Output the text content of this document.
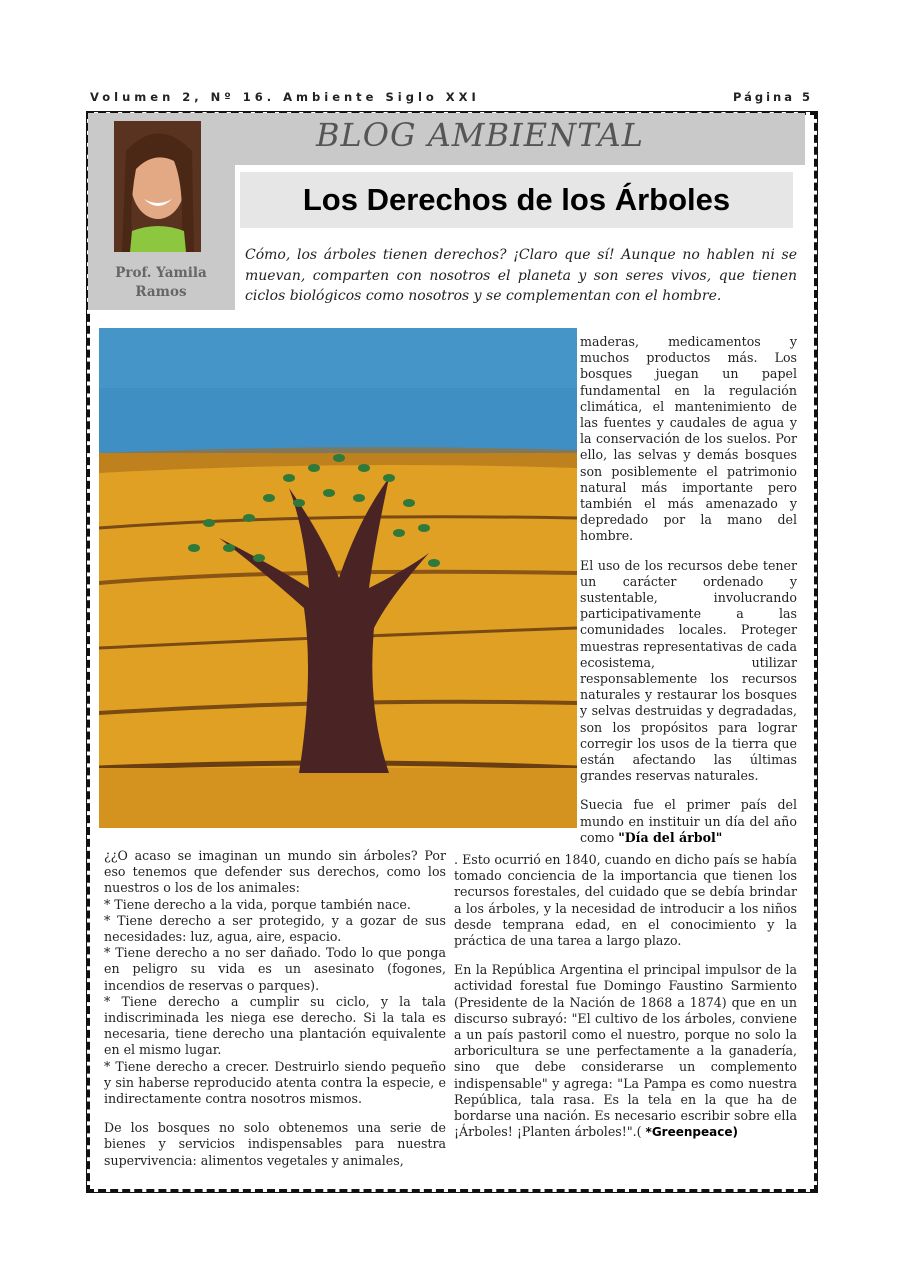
Volumen 2, Nº 16. Ambiente Siglo XXI	Página 5
BLOG AMBIENTAL
Prof. Yamila Ramos
Los Derechos de los Árboles
Cómo, los árboles tienen derechos? ¡Claro que sí! Aunque no hablen ni se muevan, comparten con nosotros el planeta y son seres vivos, que tienen ciclos biológicos como nosotros y se complementan con el hombre.

maderas, medicamentos y muchos productos más. Los bosques juegan un papel fundamental en la regulación climática, el mantenimiento de las fuentes y caudales de agua y la conservación de los suelos. Por ello, las selvas y demás bosques son posiblemente el patrimonio natural más importante pero también el más amenazado y depredado por la mano del hombre.

El uso de los recursos debe tener un carácter ordenado y sustentable, involucrando participativamente a las comunidades locales. Proteger muestras representativas de cada ecosistema, utilizar responsablemente los recursos naturales y restaurar los bosques y selvas destruidas y degradadas, son los propósitos para lograr corregir los usos de la tierra que están afectando las últimas grandes reservas naturales.

Suecia fue el primer país del mundo en instituir un día del año como "Día del árbol"

¿¿O acaso se imaginan un mundo sin árboles? Por eso tenemos que defender sus derechos, como los nuestros o los de los animales:
* Tiene derecho a la vida, porque también nace.
* Tiene derecho a ser protegido, y a gozar de sus necesidades: luz, agua, aire, espacio.
* Tiene derecho a no ser dañado. Todo lo que ponga en peligro su vida es un asesinato (fogones, incendios de reservas o parques).
* Tiene derecho a cumplir su ciclo, y la tala indiscriminada les niega ese derecho. Si la tala es necesaria, tiene derecho una plantación equivalente en el mismo lugar.
* Tiene derecho a crecer. Destruirlo siendo pequeño y sin haberse reproducido atenta contra la especie, e indirectamente contra nosotros mismos.
De los bosques no solo obtenemos una serie de bienes y servicios indispensables para nuestra supervivencia: alimentos vegetales y animales,

. Esto ocurrió en 1840, cuando en dicho país se había tomado conciencia de la importancia que tienen los recursos forestales, del cuidado que se debía brindar a los árboles, y la necesidad de introducir a los niños desde temprana edad, en el conocimiento y la práctica de una tarea a largo plazo.

En la República Argentina el principal impulsor de la actividad forestal fue Domingo Faustino Sarmiento (Presidente de la Nación de 1868 a 1874) que en un discurso subrayó: "El cultivo de los árboles, conviene a un país pastoril como el nuestro, porque no solo la arboricultura se une perfectamente a la ganadería, sino que debe considerarse un complemento indispensable" y agrega: "La Pampa es como nuestra República, tala rasa. Es la tela en la que ha de bordarse una nación. Es necesario escribir sobre ella ¡Árboles! ¡Planten árboles!".( *Greenpeace)
